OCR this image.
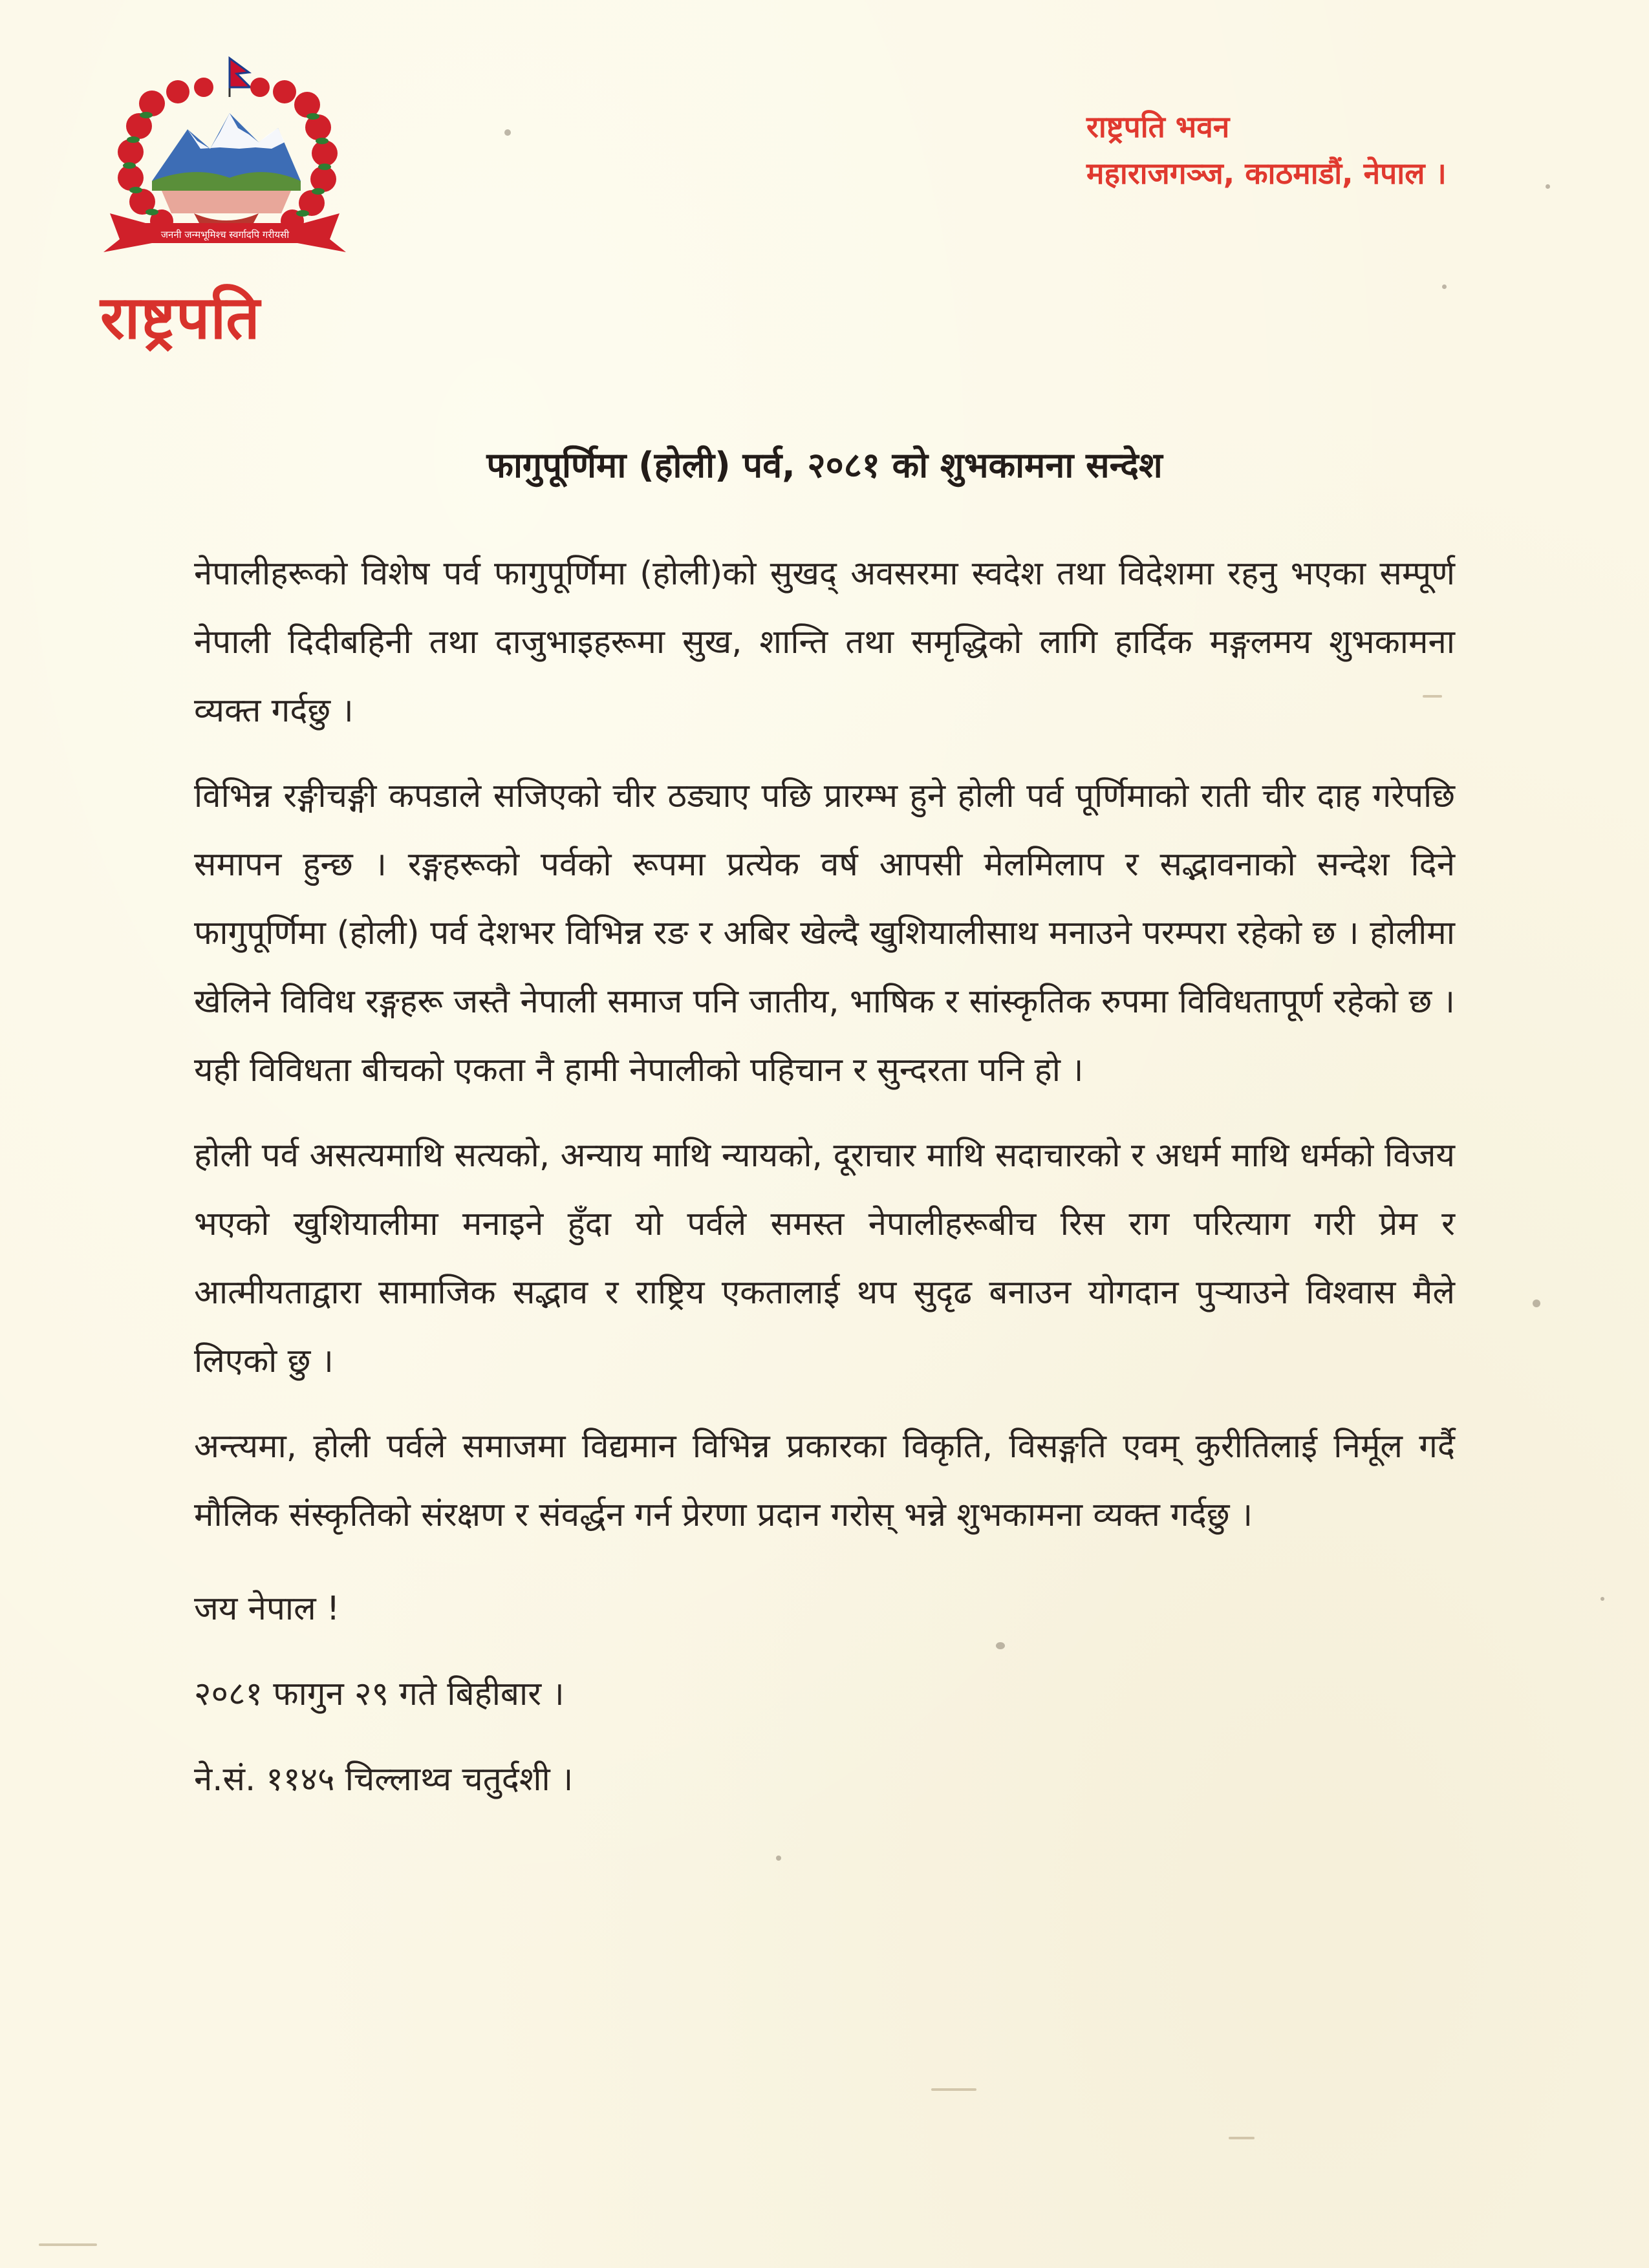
जननी जन्मभूमिश्च स्वर्गादपि गरीयसी
राष्ट्रपति
राष्ट्रपति भवन
महाराजगञ्ज, काठमाडौं, नेपाल ।
फागुपूर्णिमा (होली) पर्व, २०८१ को शुभकामना सन्देश

नेपालीहरूको विशेष पर्व फागुपूर्णिमा (होली)को सुखद् अवसरमा स्वदेश तथा विदेशमा रहनु भएका सम्पूर्ण नेपाली दिदीबहिनी तथा दाजुभाइहरूमा सुख, शान्ति तथा समृद्धिको लागि हार्दिक मङ्गलमय शुभकामना व्यक्त गर्दछु ।

विभिन्न रङ्गीचङ्गी कपडाले सजिएको चीर ठड्याए पछि प्रारम्भ हुने होली पर्व पूर्णिमाको राती चीर दाह गरेपछि समापन हुन्छ । रङ्गहरूको पर्वको रूपमा प्रत्येक वर्ष आपसी मेलमिलाप र सद्भावनाको सन्देश दिने फागुपूर्णिमा (होली) पर्व देशभर विभिन्न रङ र अबिर खेल्दै खुशियालीसाथ मनाउने परम्परा रहेको छ । होलीमा खेलिने विविध रङ्गहरू जस्तै नेपाली समाज पनि जातीय, भाषिक र सांस्कृतिक रुपमा विविधतापूर्ण रहेको छ । यही विविधता बीचको एकता नै हामी नेपालीको पहिचान र सुन्दरता पनि हो ।

होली पर्व असत्यमाथि सत्यको, अन्याय माथि न्यायको, दूराचार माथि सदाचारको र अधर्म माथि धर्मको विजय भएको खुशियालीमा मनाइने हुँदा यो पर्वले समस्त नेपालीहरूबीच रिस राग परित्याग गरी प्रेम र आत्मीयताद्वारा सामाजिक सद्भाव र राष्ट्रिय एकतालाई थप सुदृढ बनाउन योगदान पुऱ्याउने विश्वास मैले लिएको छु ।

अन्त्यमा, होली पर्वले समाजमा विद्यमान विभिन्न प्रकारका विकृति, विसङ्गति एवम् कुरीतिलाई निर्मूल गर्दै मौलिक संस्कृतिको संरक्षण र संवर्द्धन गर्न प्रेरणा प्रदान गरोस् भन्ने शुभकामना व्यक्त गर्दछु ।

जय नेपाल !
२०८१ फागुन २९ गते बिहीबार ।
ने.सं. ११४५ चिल्लाथ्व चतुर्दशी ।
